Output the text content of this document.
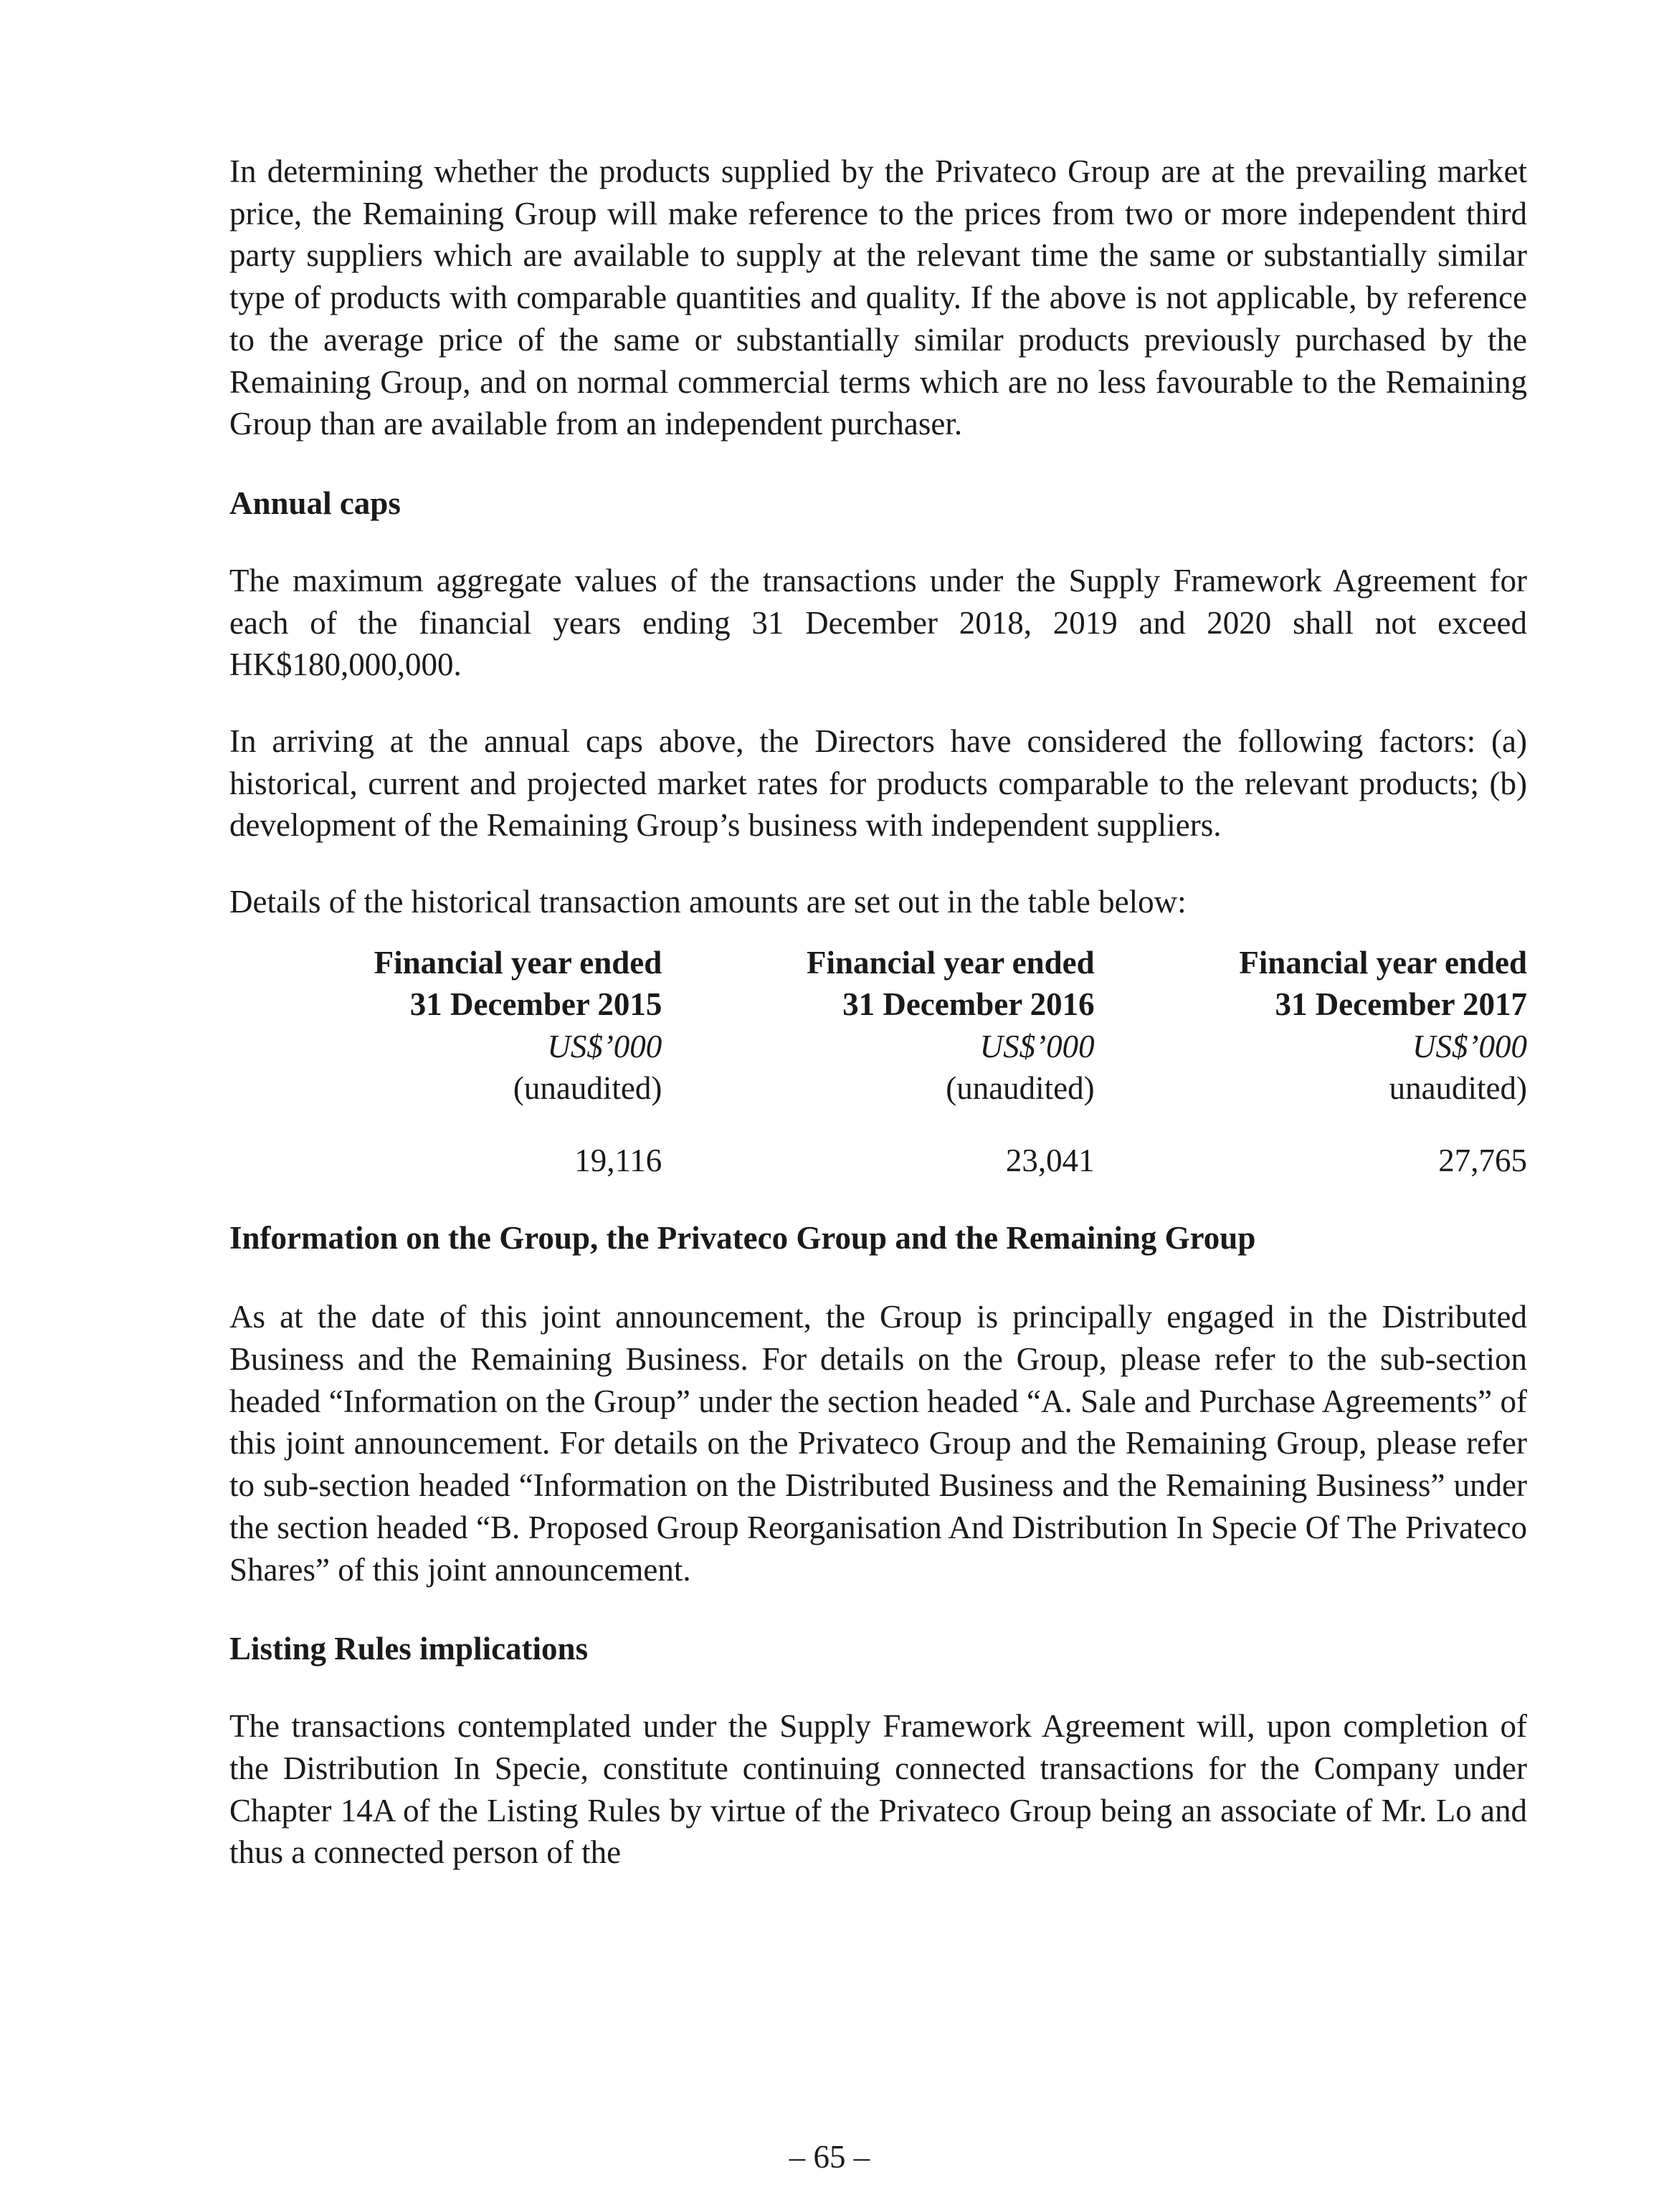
In determining whether the products supplied by the Privateco Group are at the prevailing market price, the Remaining Group will make reference to the prices from two or more independent third party suppliers which are available to supply at the relevant time the same or substantially similar type of products with comparable quantities and quality. If the above is not applicable, by reference to the average price of the same or substantially similar products previously purchased by the Remaining Group, and on normal commercial terms which are no less favourable to the Remaining Group than are available from an independent purchaser.

Annual caps

The maximum aggregate values of the transactions under the Supply Framework Agreement for each of the financial years ending 31 December 2018, 2019 and 2020 shall not exceed HK$180,000,000.

In arriving at the annual caps above, the Directors have considered the following factors: (a) historical, current and projected market rates for products comparable to the relevant products; (b) development of the Remaining Group’s business with independent suppliers.

Details of the historical transaction amounts are set out in the table below:

	Financial year ended	Financial year ended	Financial year ended
	31 December 2015	31 December 2016	31 December 2017
	US$’000	US$’000	US$’000
	(unaudited)	(unaudited)	unaudited)
	19,116	23,041	27,765

Information on the Group, the Privateco Group and the Remaining Group

As at the date of this joint announcement, the Group is principally engaged in the Distributed Business and the Remaining Business. For details on the Group, please refer to the sub-section headed “Information on the Group” under the section headed “A. Sale and Purchase Agreements” of this joint announcement. For details on the Privateco Group and the Remaining Group, please refer to sub-section headed “Information on the Distributed Business and the Remaining Business” under the section headed “B. Proposed Group Reorganisation And Distribution In Specie Of The Privateco Shares” of this joint announcement.

Listing Rules implications

The transactions contemplated under the Supply Framework Agreement will, upon completion of the Distribution In Specie, constitute continuing connected transactions for the Company under Chapter 14A of the Listing Rules by virtue of the Privateco Group being an associate of Mr. Lo and thus a connected person of the

– 65 –
